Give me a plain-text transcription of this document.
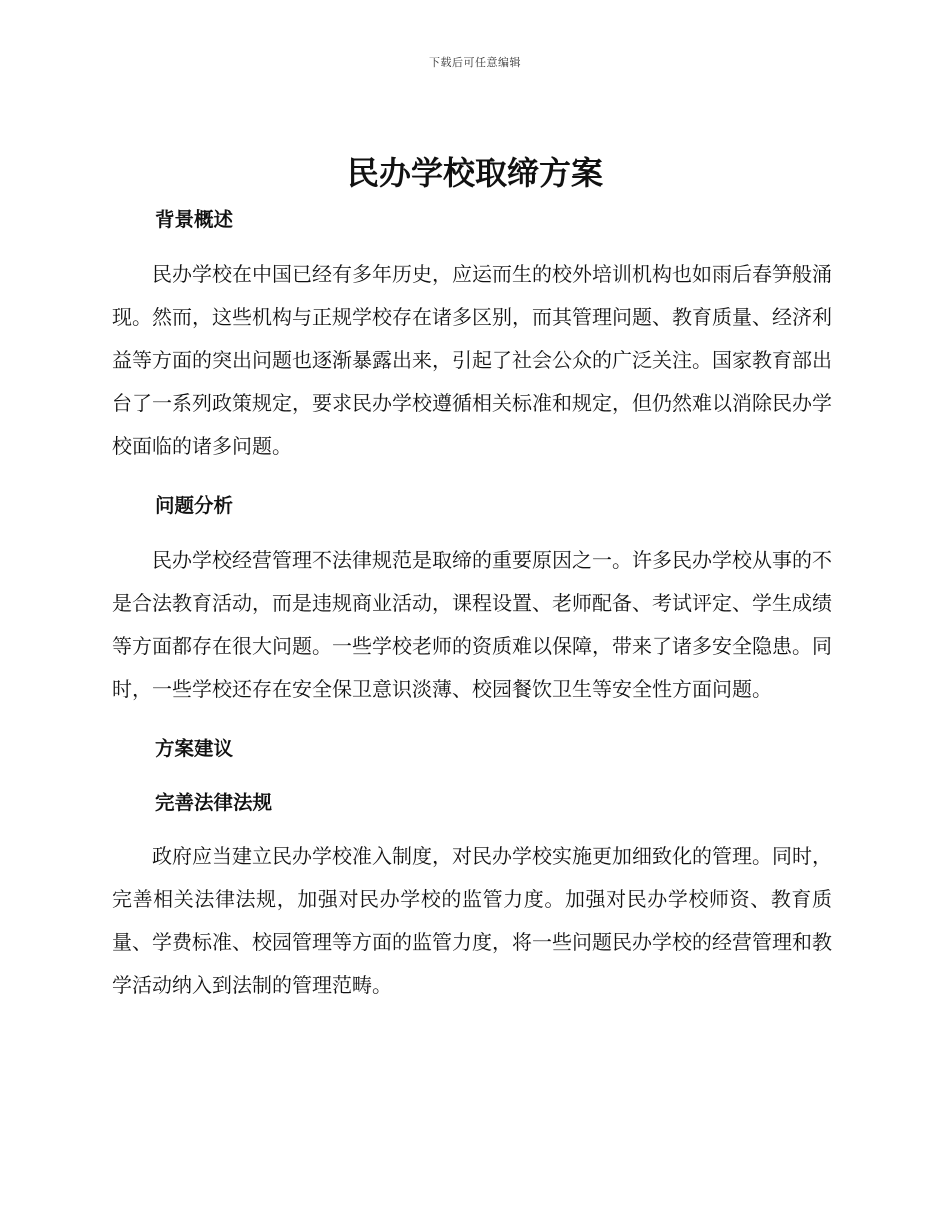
下载后可任意编辑
民办学校取缔方案
背景概述

民办学校在中国已经有多年历史，应运而生的校外培训机构也如雨后春笋般涌现。然而，这些机构与正规学校存在诸多区别，而其管理问题、教育质量、经济利益等方面的突出问题也逐渐暴露出来，引起了社会公众的广泛关注。国家教育部出台了一系列政策规定，要求民办学校遵循相关标准和规定，但仍然难以消除民办学校面临的诸多问题。

问题分析

民办学校经营管理不法律规范是取缔的重要原因之一。许多民办学校从事的不是合法教育活动，而是违规商业活动，课程设置、老师配备、考试评定、学生成绩等方面都存在很大问题。一些学校老师的资质难以保障，带来了诸多安全隐患。同时，一些学校还存在安全保卫意识淡薄、校园餐饮卫生等安全性方面问题。

方案建议
完善法律法规

政府应当建立民办学校准入制度，对民办学校实施更加细致化的管理。同时，完善相关法律法规，加强对民办学校的监管力度。加强对民办学校师资、教育质量、学费标准、校园管理等方面的监管力度，将一些问题民办学校的经营管理和教学活动纳入到法制的管理范畴。
